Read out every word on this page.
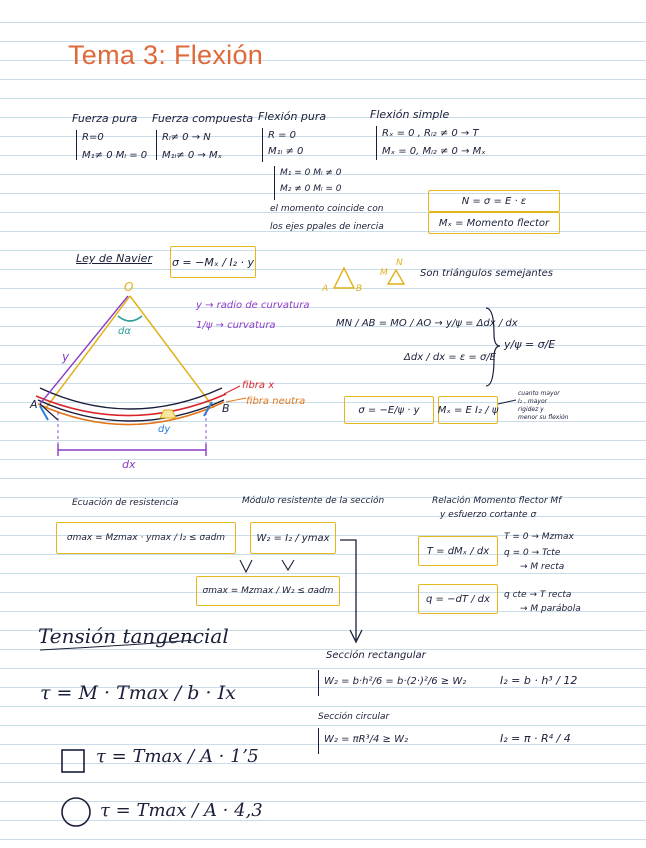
Tema 3: Flexión
Fuerza pura Fuerza compuesta Flexión pura	Flexión simple
R=0
M₁≠ 0 Mₗ = 0
Rₗ≠ 0 → N
M₁ₗ≠ 0 → Mₓ
R = 0
M₁ₗ ≠ 0
M₁ = 0 Mₗ ≠ 0
M₂ ≠ 0 Mₗ = 0
el momento coincide con
los ejes ppales de inercia
Rₓ = 0 , Rₗ₂ ≠ 0 → T
Mₓ = 0, Mₗ₂ ≠ 0 → Mₓ
N = σ = E · ε
Mₓ = Momento flector
Ley de Navier σ = −Mₓ / I₂ · y
Son triángulos semejantes
O
dα
y
A	B
dy
dx
y → radio de curvatura
1/ψ → curvatura
fibra x
fibra neutra
A	B
M
N
MN / AB = MO / AO → y/ψ = Δdx / dx
Δdx / dx = ε = σ/E
y/ψ = σ/E
σ = −E/ψ · y	Mₓ = E I₂ / ψ
cuanto mayor
I₂ , mayor
rigidez y
menor su flexión
Ecuación de resistencia
σmax = Mzmax · ymax / I₂ ≤ σadm
Módulo resistente de la sección
W₂ = I₂ / ymax
σmax = Mzmax / W₂ ≤ σadm
Relación Momento flector Mf
y esfuerzo cortante σ
T = dMₓ / dx
q = −dT / dx
T = 0 → Mzmax
q = 0 → Tcte
→ M recta
q cte → T recta
→ M parábola
Tensión tangencial
τ = M · Tmax / b · Ix
τ = Tmax / A · 1ʼ5
τ = Tmax / A · 4,3
Sección rectangular
W₂ = b·h²/6 = b·(2·)²/6 ≥ W₂	I₂ = b · h³ / 12
Sección circular
W₂ = πR³/4 ≥ W₂	I₂ = π · R⁴ / 4
